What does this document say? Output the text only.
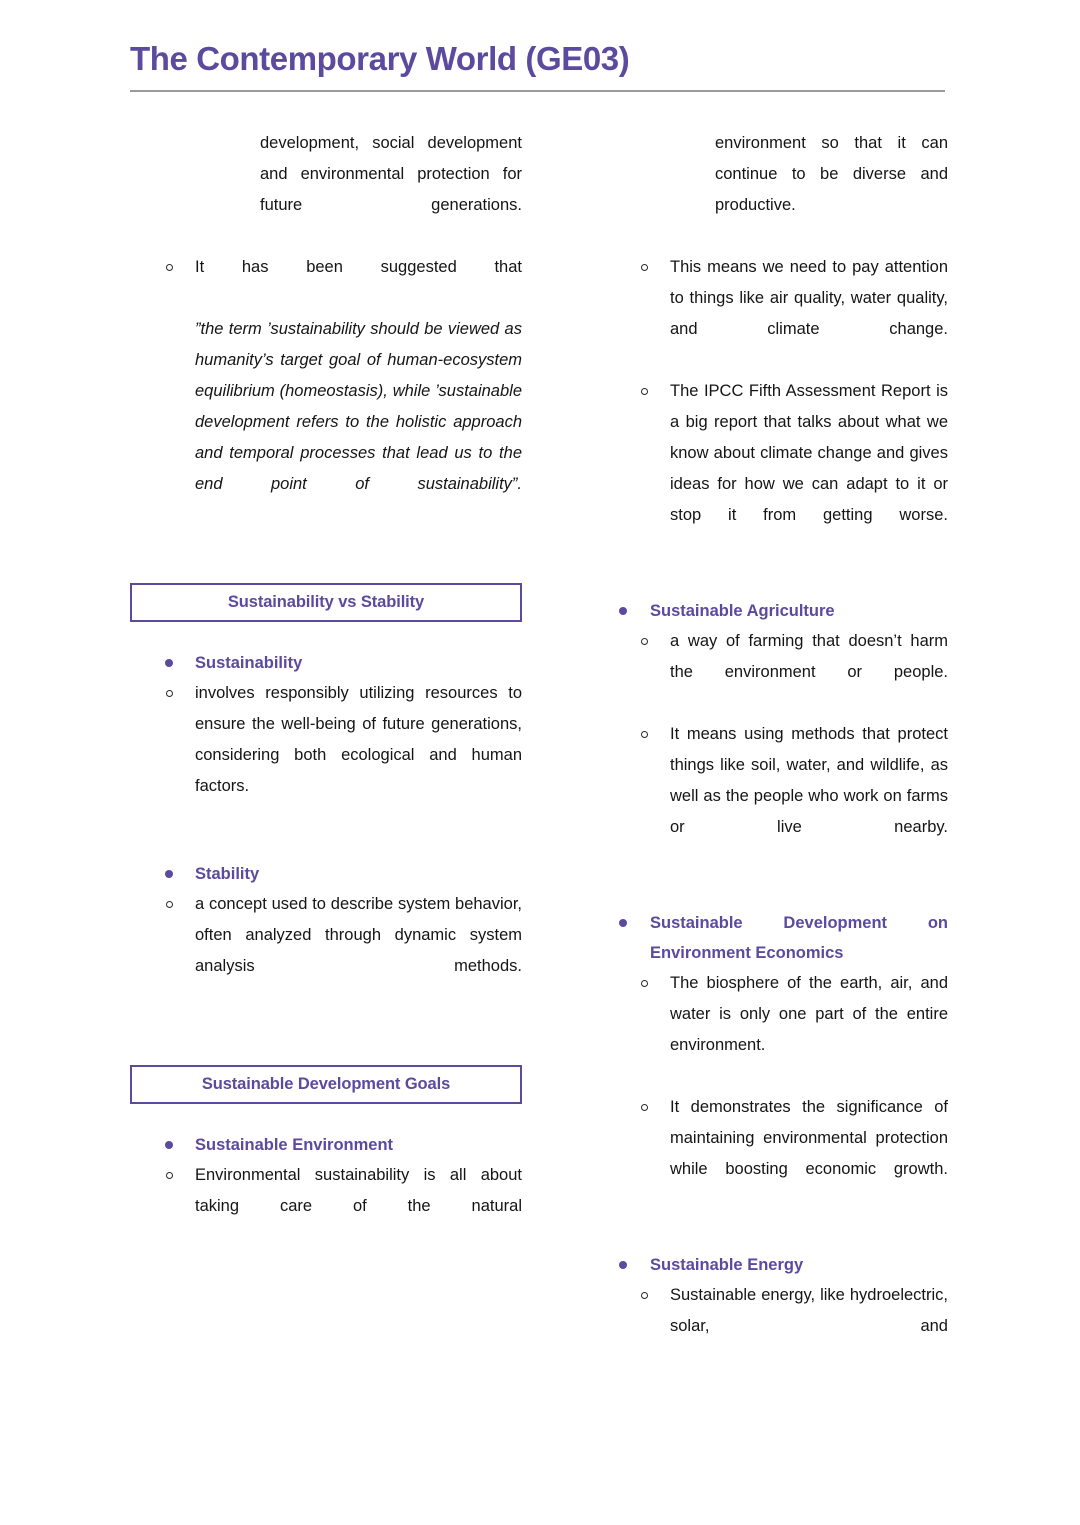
The Contemporary World (GE03)

development, social development and environmental protection for future generations.

It has been suggested that
”the term ’sustainability should be viewed as humanity’s target goal of human-ecosystem equilibrium (homeostasis), while ’sustainable development refers to the holistic approach and temporal processes that lead us to the end point of sustainability”.
Sustainability vs Stability
Sustainability
involves responsibly utilizing resources to ensure the well-being of future generations, considering both ecological and human factors.
Stability
a concept used to describe system behavior, often analyzed through dynamic system analysis methods.
Sustainable Development Goals
Sustainable Environment
Environmental sustainability is all about taking care of the natural

environment so that it can continue to be diverse and productive.

This means we need to pay attention to things like air quality, water quality, and climate change.
The IPCC Fifth Assessment Report is a big report that talks about what we know about climate change and gives ideas for how we can adapt to it or stop it from getting worse.
Sustainable Agriculture
a way of farming that doesn’t harm the environment or people.
It means using methods that protect things like soil, water, and wildlife, as well as the people who work on farms or live nearby.
Sustainable Development on Environment Economics
The biosphere of the earth, air, and water is only one part of the entire environment.
It demonstrates the significance of maintaining environmental protection while boosting economic growth.
Sustainable Energy
Sustainable energy, like hydroelectric, solar, and
